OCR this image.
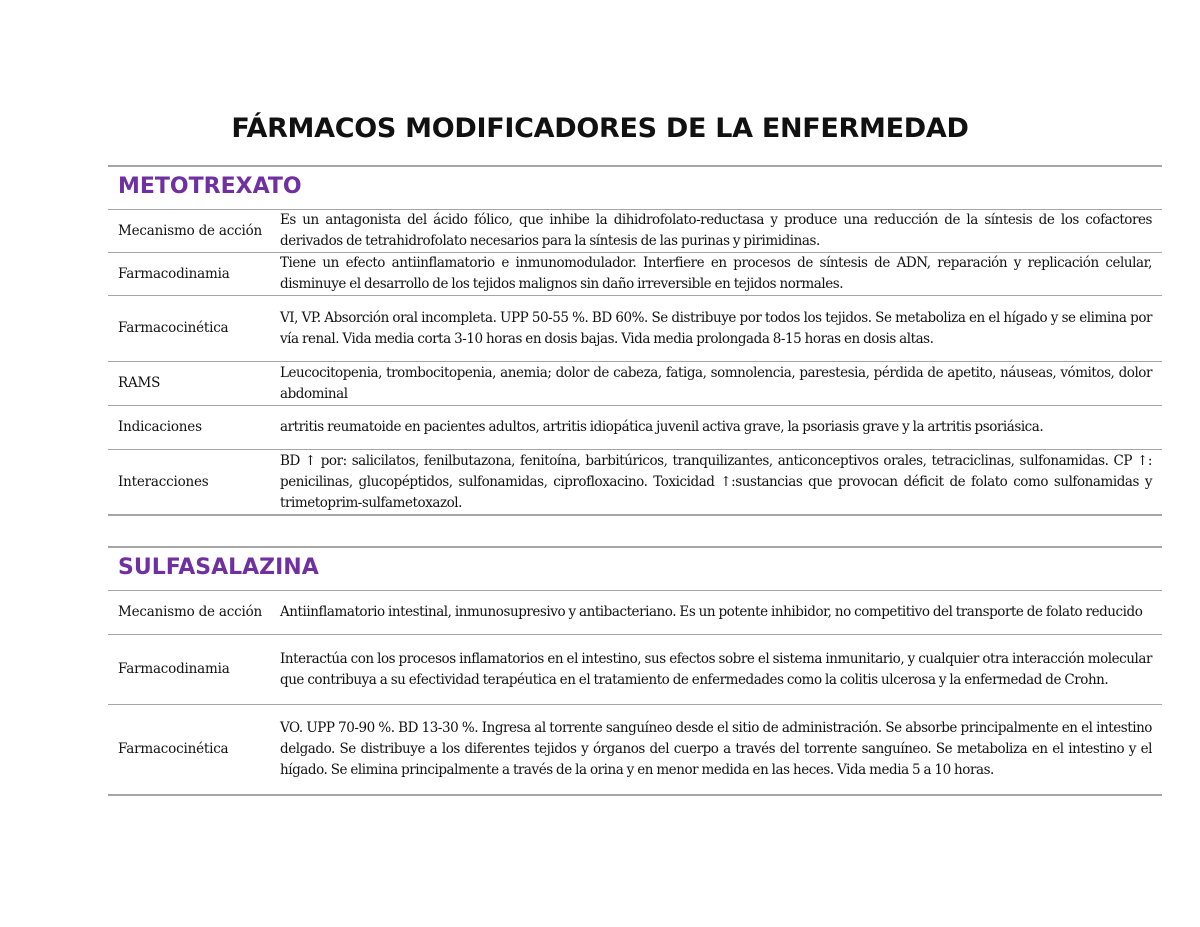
FÁRMACOS MODIFICADORES DE LA ENFERMEDAD
METOTREXATO
Mecanismo de acción
Es un antagonista del ácido fólico, que inhibe la dihidrofolato-reductasa y produce una reducción de la síntesis de los cofactores derivados de tetrahidrofolato necesarios para la síntesis de las purinas y pirimidinas.
Farmacodinamia
Tiene un efecto antiinflamatorio e inmunomodulador. Interfiere en procesos de síntesis de ADN, reparación y replicación celular, disminuye el desarrollo de los tejidos malignos sin daño irreversible en tejidos normales.
Farmacocinética
VI, VP. Absorción oral incompleta. UPP 50-55 %. BD 60%. Se distribuye por todos los tejidos. Se metaboliza en el hígado y se elimina por vía renal. Vida media corta 3-10 horas en dosis bajas. Vida media prolongada 8-15 horas en dosis altas.
RAMS
Leucocitopenia, trombocitopenia, anemia; dolor de cabeza, fatiga, somnolencia, parestesia, pérdida de apetito, náuseas, vómitos, dolor abdominal
Indicaciones	artritis reumatoide en pacientes adultos, artritis idiopática juvenil activa grave, la psoriasis grave y la artritis psoriásica.
Interacciones
BD ↑ por: salicilatos, fenilbutazona, fenitoína, barbitúricos, tranquilizantes, anticonceptivos orales, tetraciclinas, sulfonamidas. CP ↑: penicilinas, glucopéptidos, sulfonamidas, ciprofloxacino. Toxicidad ↑:sustancias que provocan déficit de folato como sulfonamidas y trimetoprim-sulfametoxazol.
SULFASALAZINA
Mecanismo de acción	Antiinflamatorio intestinal, inmunosupresivo y antibacteriano. Es un potente inhibidor, no competitivo del transporte de folato reducido
Farmacodinamia
Interactúa con los procesos inflamatorios en el intestino, sus efectos sobre el sistema inmunitario, y cualquier otra interacción molecular que contribuya a su efectividad terapéutica en el tratamiento de enfermedades como la colitis ulcerosa y la enfermedad de Crohn.
Farmacocinética
VO. UPP 70-90 %. BD 13-30 %. Ingresa al torrente sanguíneo desde el sitio de administración. Se absorbe principalmente en el intestino delgado. Se distribuye a los diferentes tejidos y órganos del cuerpo a través del torrente sanguíneo. Se metaboliza en el intestino y el hígado. Se elimina principalmente a través de la orina y en menor medida en las heces. Vida media 5 a 10 horas.
